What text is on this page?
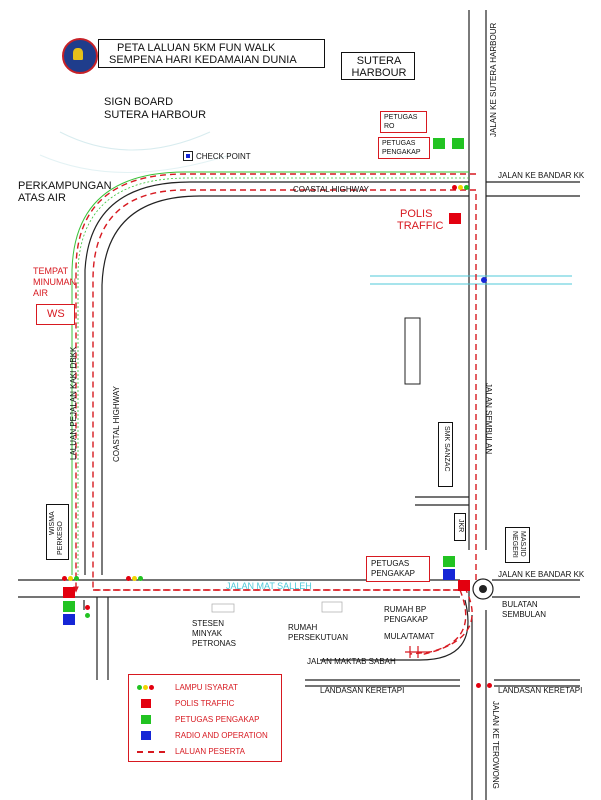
PETA LALUAN 5KM FUN WALK
SEMPENA HARI KEDAMAIAN DUNIA	SUTERA HARBOUR
SIGN BOARD
SUTERA HARBOUR
CHECK POINT
PERKAMPUNGAN
ATAS AIR
TEMPAT
MINUMAN
AIR
WS
PETUGAS
RO
PETUGAS
PENGAKAP
JALAN KE BANDAR KK
COASTAL HIGHWAY
POLIS
TRAFFIC
JALAN KE SUTERA HARBOUR
JALAN SEMBULAN
LALUAN PEJALAN KAKI DBKK	COASTAL HIGHWAY	SMK SANZAC
JKR
MASJID
NEGERI
WISMA PERKESO
PETUGAS
PENGAKAP	JALAN KE BANDAR KK
BULATAN
SEMBULAN
JALAN MAT SALLEH
STESEN
MINYAK
PETRONAS
RUMAH
PERSEKUTUAN
RUMAH BP
PENGAKAP
MULA/TAMAT
JALAN MAKTAB SABAH
LANDASAN KERETAPI	LANDASAN KERETAPI
JALAN KE TEROWONG
LAMPU ISYARAT
POLIS TRAFFIC
PETUGAS PENGAKAP
RADIO AND OPERATION
LALUAN PESERTA
